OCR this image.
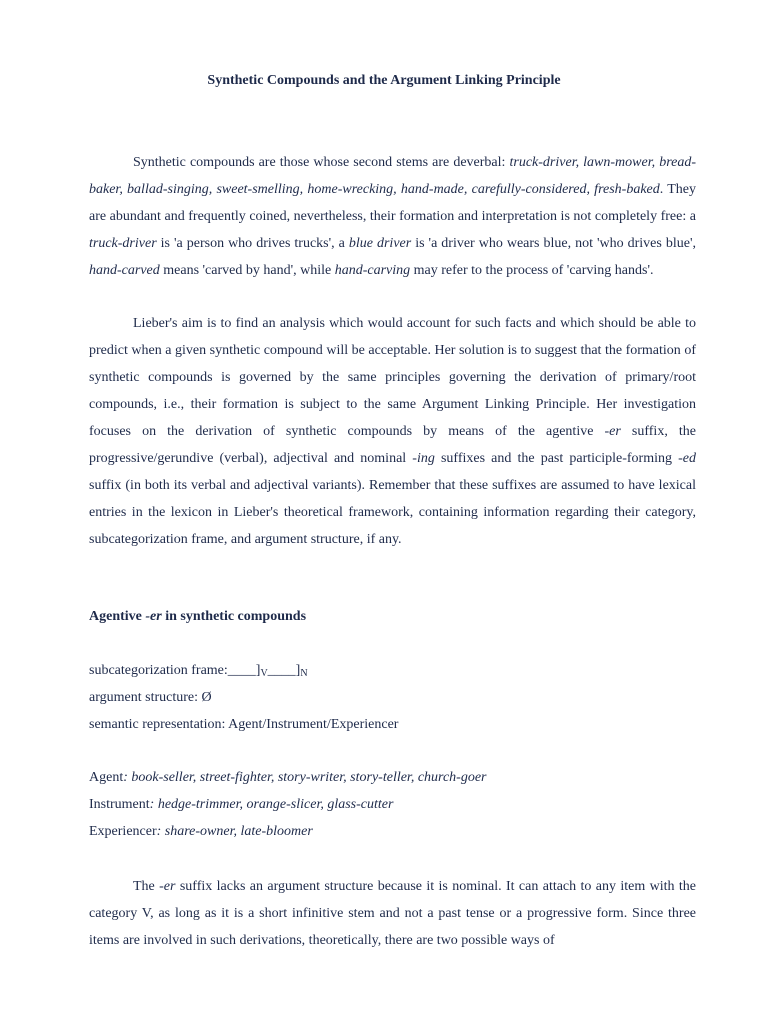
Synthetic Compounds and the Argument Linking Principle

Synthetic compounds are those whose second stems are deverbal: truck-driver, lawn-mower, bread-baker, ballad-singing, sweet-smelling, home-wrecking, hand-made, carefully-considered, fresh-baked. They are abundant and frequently coined, nevertheless, their formation and interpretation is not completely free: a truck-driver is 'a person who drives trucks', a blue driver is 'a driver who wears blue, not 'who drives blue', hand-carved means 'carved by hand', while hand-carving may refer to the process of 'carving hands'.

Lieber's aim is to find an analysis which would account for such facts and which should be able to predict when a given synthetic compound will be acceptable. Her solution is to suggest that the formation of synthetic compounds is governed by the same principles governing the derivation of primary/root compounds, i.e., their formation is subject to the same Argument Linking Principle. Her investigation focuses on the derivation of synthetic compounds by means of the agentive -er suffix, the progressive/gerundive (verbal), adjectival and nominal -ing suffixes and the past participle-forming -ed suffix (in both its verbal and adjectival variants). Remember that these suffixes are assumed to have lexical entries in the lexicon in Lieber's theoretical framework, containing information regarding their category, subcategorization frame, and argument structure, if any.

Agentive -er in synthetic compounds
subcategorization $frame:\_\_\_\_]_V\_\_\_\_]_N$
argument structure: Ø
semantic representation: Agent/Instrument/Experiencer
Agent: book-seller, street-fighter, story-writer, story-teller, church-goer
Instrument: hedge-trimmer, orange-slicer, glass-cutter
Experiencer: share-owner, late-bloomer

The -er suffix lacks an argument structure because it is nominal. It can attach to any item with the category V, as long as it is a short infinitive stem and not a past tense or a progressive form. Since three items are involved in such derivations, theoretically, there are two possible ways of
